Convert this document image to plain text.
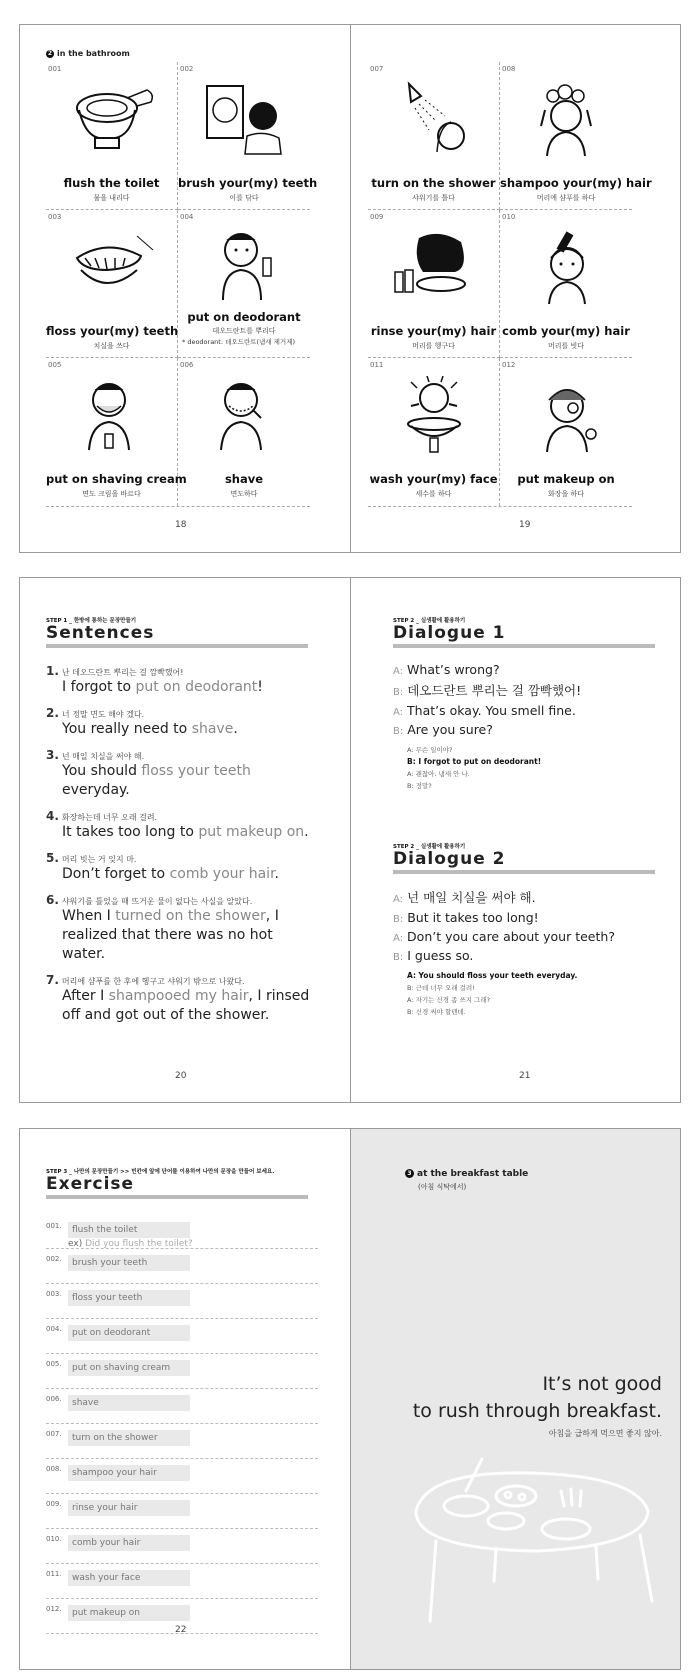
2 in the bathroom
001
flush the toilet
물을 내리다
002
brush your(my) teeth
이를 닦다
003
floss your(my) teeth
치실을 쓰다
004
put on deodorant
데오드란트를 뿌리다
* deodorant: 데오드란트(냄새 제거제)
005
put on shaving cream
면도 크림을 바르다
006
shave
면도하다
007
turn on the shower
샤워기를 틀다
008
shampoo your(my) hair
머리에 샴푸를 하다
009
rinse your(my) hair
머리를 헹구다
010
comb your(my) hair
머리를 빗다
011
wash your(my) face
세수를 하다
012
put makeup on
화장을 하다
18	19
STEP 1 _ 한방에 통하는 문장만들기
Sentences
1. 난 데오드란트 뿌리는 걸 깜빡했어!
I forgot to put on deodorant!
2. 너 정말 면도 해야 겠다.
You really need to shave.
3. 넌 매일 치실을 써야 해.
You should floss your teeth everyday.
4. 화장하는데 너무 오래 걸려.
It takes too long to put makeup on.
5. 머리 빗는 거 잊지 마.
Don’t forget to comb your hair.
6. 샤워기를 틀었을 때 뜨거운 물이 없다는 사실을 알았다.
When I turned on the shower, I realized that there was no hot water.
7. 머리에 샴푸를 한 후에 헹구고 샤워기 밖으로 나왔다.
After I shampooed my hair, I rinsed off and got out of the shower.
STEP 2 _ 실생활에 활용하기
Dialogue 1
A: What’s wrong?
B: 데오드란트 뿌리는 걸 깜빡했어!
A: That’s okay. You smell fine.
B: Are you sure?
A: 무슨 일이야?
B: I forgot to put on deodorant!
A: 괜찮아. 냄새 안 나.
B: 정말?
STEP 2 _ 실생활에 활용하기
Dialogue 2
A: 넌 매일 치실을 써야 해.
B: But it takes too long!
A: Don’t you care about your teeth?
B: I guess so.
A: You should floss your teeth everyday.
B: 근데 너무 오래 걸려!
A: 자기는 신경 좀 쓰지 그래?
B: 신경 써야 할텐데.
20	21
STEP 3 _ 나만의 문장만들기 >> 빈칸에 앞에 단어를 이용하여 나만의 문장을 만들어 보세요.
Exercise
001.	flush the toilet
ex) Did you flush the toilet?
002.	brush your teeth
003.	floss your teeth
004.	put on deodorant
005.	put on shaving cream
006.	shave
007.	turn on the shower
008.	shampoo your hair
009.	rinse your hair
010.	comb your hair
011.	wash your face
012.	put makeup on
22
3 at the breakfast table
(아침 식탁에서)
It’s not good
to rush through breakfast.
아침을 급하게 먹으면 좋지 않아.
